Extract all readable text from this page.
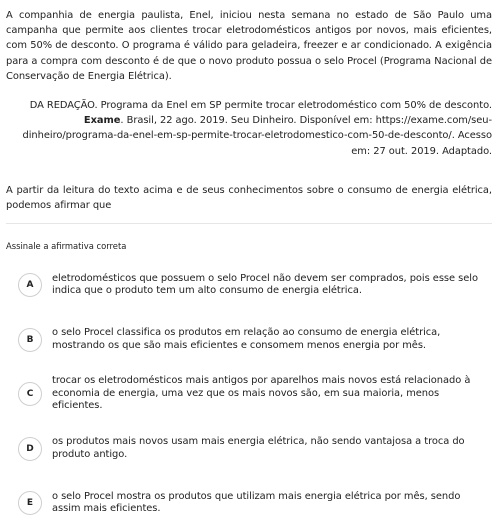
A companhia de energia paulista, Enel, iniciou nesta semana no estado de São Paulo uma campanha que permite aos clientes trocar eletrodomésticos antigos por novos, mais eficientes, com 50% de desconto. O programa é válido para geladeira, freezer e ar condicionado. A exigência para a compra com desconto é de que o novo produto possua o selo Procel (Programa Nacional de Conservação de Energia Elétrica).

DA REDAÇÃO. Programa da Enel em SP permite trocar eletrodoméstico com 50% de desconto. Exame. Brasil, 22 ago. 2019. Seu Dinheiro. Disponível em: https://exame.com/seu-dinheiro/programa-da-enel-em-sp-permite-trocar-eletrodomestico-com-50-de-desconto/. Acesso em: 27 out. 2019. Adaptado.

A partir da leitura do texto acima e de seus conhecimentos sobre o consumo de energia elétrica, podemos afirmar que

Assinale a afirmativa correta

A
eletrodomésticos que possuem o selo Procel não devem ser comprados, pois esse selo indica que o produto tem um alto consumo de energia elétrica.
B
o selo Procel classifica os produtos em relação ao consumo de energia elétrica, mostrando os que são mais eficientes e consomem menos energia por mês.
C
trocar os eletrodomésticos mais antigos por aparelhos mais novos está relacionado à economia de energia, uma vez que os mais novos são, em sua maioria, menos eficientes.
D
os produtos mais novos usam mais energia elétrica, não sendo vantajosa a troca do produto antigo.
E
o selo Procel mostra os produtos que utilizam mais energia elétrica por mês, sendo assim mais eficientes.
